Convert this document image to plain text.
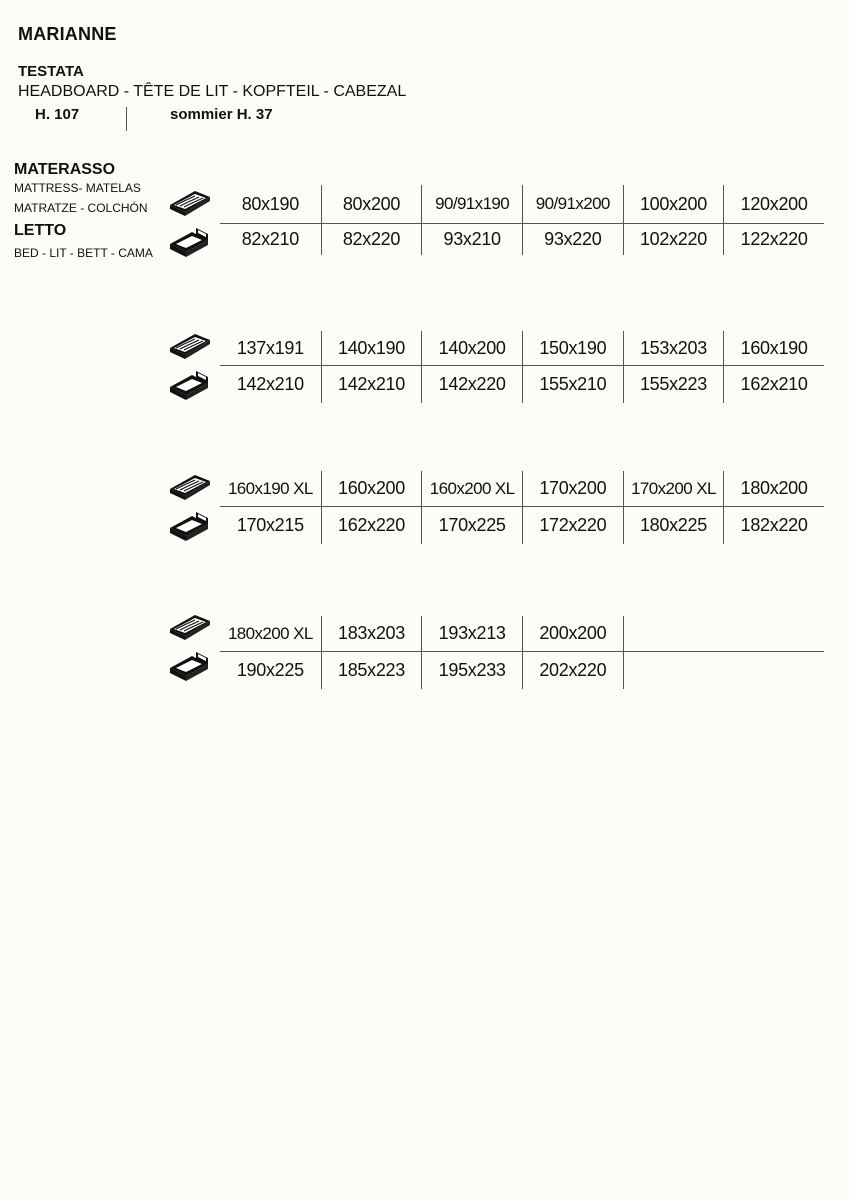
MARIANNE
TESTATA
HEADBOARD - TÊTE DE LIT - KOPFTEIL - CABEZAL
H. 107	sommier H. 37
MATERASSO
MATTRESS- MATELAS
MATRATZE - COLCHÓN
LETTO
BED - LIT - BETT - CAMA
80x190	80x200	90/91x190	90/91x200	100x200	120x200
82x210	82x220	93x210	93x220	102x220	122x220
137x191	140x190	140x200	150x190	153x203	160x190
142x210	142x210	142x220	155x210	155x223	162x210
160x190 XL	160x200	160x200 XL	170x200	170x200 XL	180x200
170x215	162x220	170x225	172x220	180x225	182x220
180x200 XL	183x203	193x213	200x200
190x225	185x223	195x233	202x220
